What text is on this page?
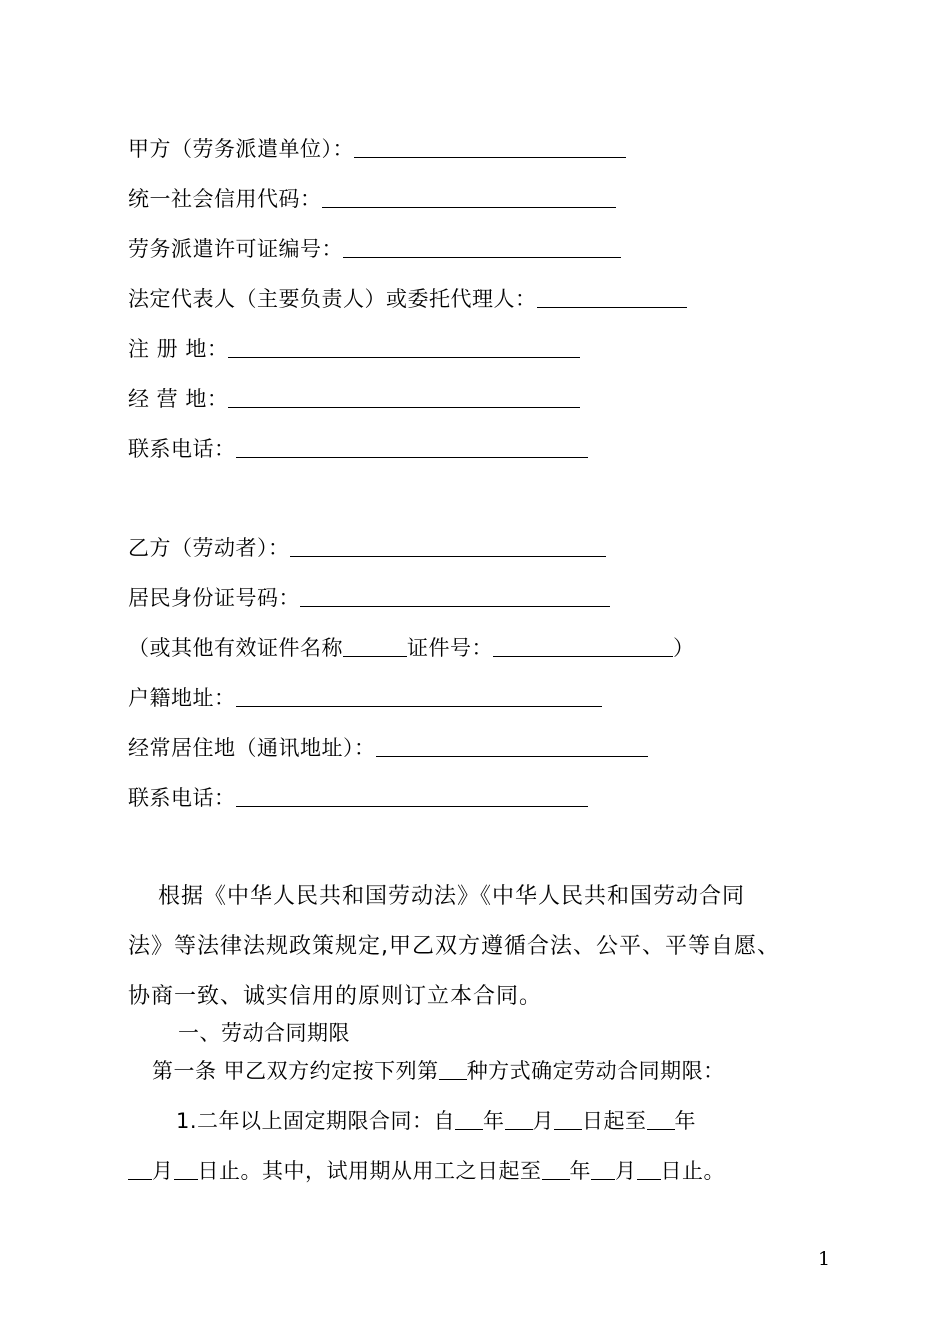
甲方（劳务派遣单位）：
统一社会信用代码：
劳务派遣许可证编号：
法定代表人（主要负责人）或委托代理人：
注 册 地：
经 营 地：
联系电话：
乙方（劳动者）：
居民身份证号码：
（或其他有效证件名称	证件号：	）
户籍地址：
经常居住地（通讯地址）：
联系电话：
根据《中华人民共和国劳动法》《中华人民共和国劳动合同
法》等法律法规政策规定,甲乙双方遵循合法、公平、平等自愿、
协商一致、诚实信用的原则订立本合同。
一、劳动合同期限
第一条 甲乙双方约定按下列第 种方式确定劳动合同期限：
1.二年以上固定期限合同：自 年 月 日起至 年
月 日止。其中，试用期从用工之日起至 年 月 日止。
1
